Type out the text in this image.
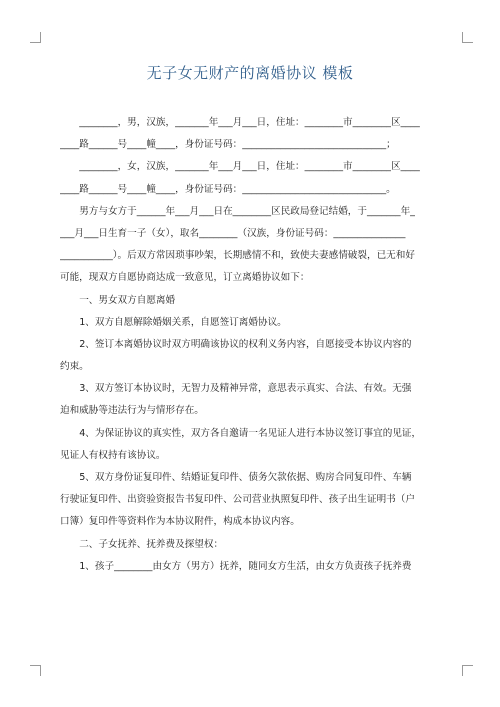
无子女无财产的离婚协议 模板
________，男，汉族，_______年___月___日，住址：________市________区____
____路______号____幢____，身份证号码：______________________________；
________，女，汉族，_______年___月___日，住址：________市________区____
____路______号____幢____，身份证号码：______________________________。
男方与女方于______年___月___日在________区民政局登记结婚，于_______年_
___月___日生育一子（女），取名________（汉族，身份证号码：_______________
___________）。后双方常因琐事吵架，长期感情不和，致使夫妻感情破裂，已无和好
可能，现双方自愿协商达成一致意见，订立离婚协议如下：
一、男女双方自愿离婚
1、双方自愿解除婚姻关系，自愿签订离婚协议。
2、签订本离婚协议时双方明确该协议的权利义务内容，自愿接受本协议内容的
约束。
3、双方签订本协议时，无智力及精神异常，意思表示真实、合法、有效。无强
迫和威胁等违法行为与情形存在。
4、为保证协议的真实性，双方各自邀请一名见证人进行本协议签订事宜的见证，
见证人有权持有该协议。
5、双方身份证复印件、结婚证复印件、债务欠款依据、购房合同复印件、车辆
行驶证复印件、出资验资报告书复印件、公司营业执照复印件、孩子出生证明书（户
口簿）复印件等资料作为本协议附件，构成本协议内容。
二、子女抚养、抚养费及探望权：
1、孩子________由女方（男方）抚养，随同女方生活，由女方负责孩子抚养费
